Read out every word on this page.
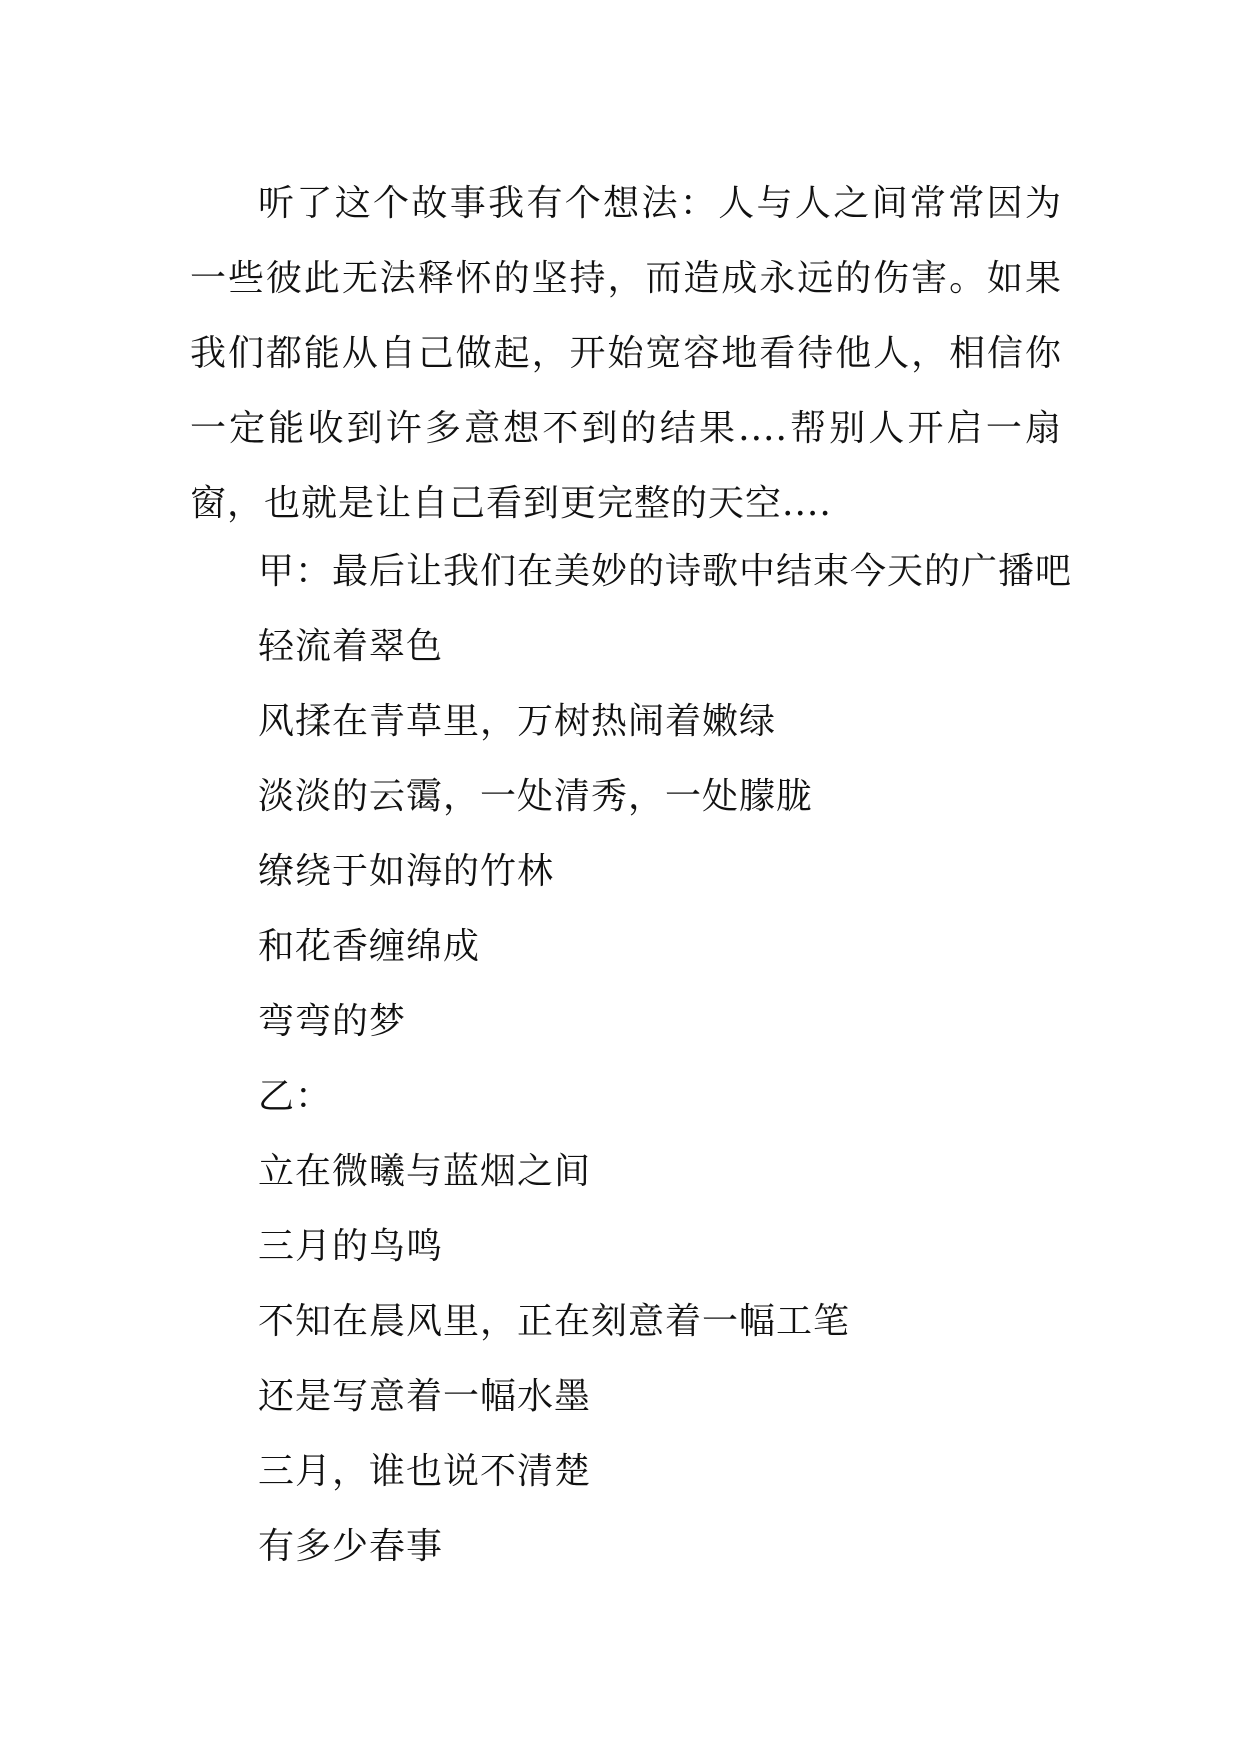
听了这个故事我有个想法：人与人之间常常因为一些彼此无法释怀的坚持，而造成永远的伤害。如果我们都能从自己做起，开始宽容地看待他人，相信你一定能收到许多意想不到的结果....帮别人开启一扇窗，也就是让自己看到更完整的天空....

甲：最后让我们在美妙的诗歌中结束今天的广播吧
轻流着翠色
风揉在青草里，万树热闹着嫩绿
淡淡的云霭，一处清秀，一处朦胧
缭绕于如海的竹林
和花香缠绵成
弯弯的梦
乙：
立在微曦与蓝烟之间
三月的鸟鸣
不知在晨风里，正在刻意着一幅工笔
还是写意着一幅水墨
三月，谁也说不清楚
有多少春事
